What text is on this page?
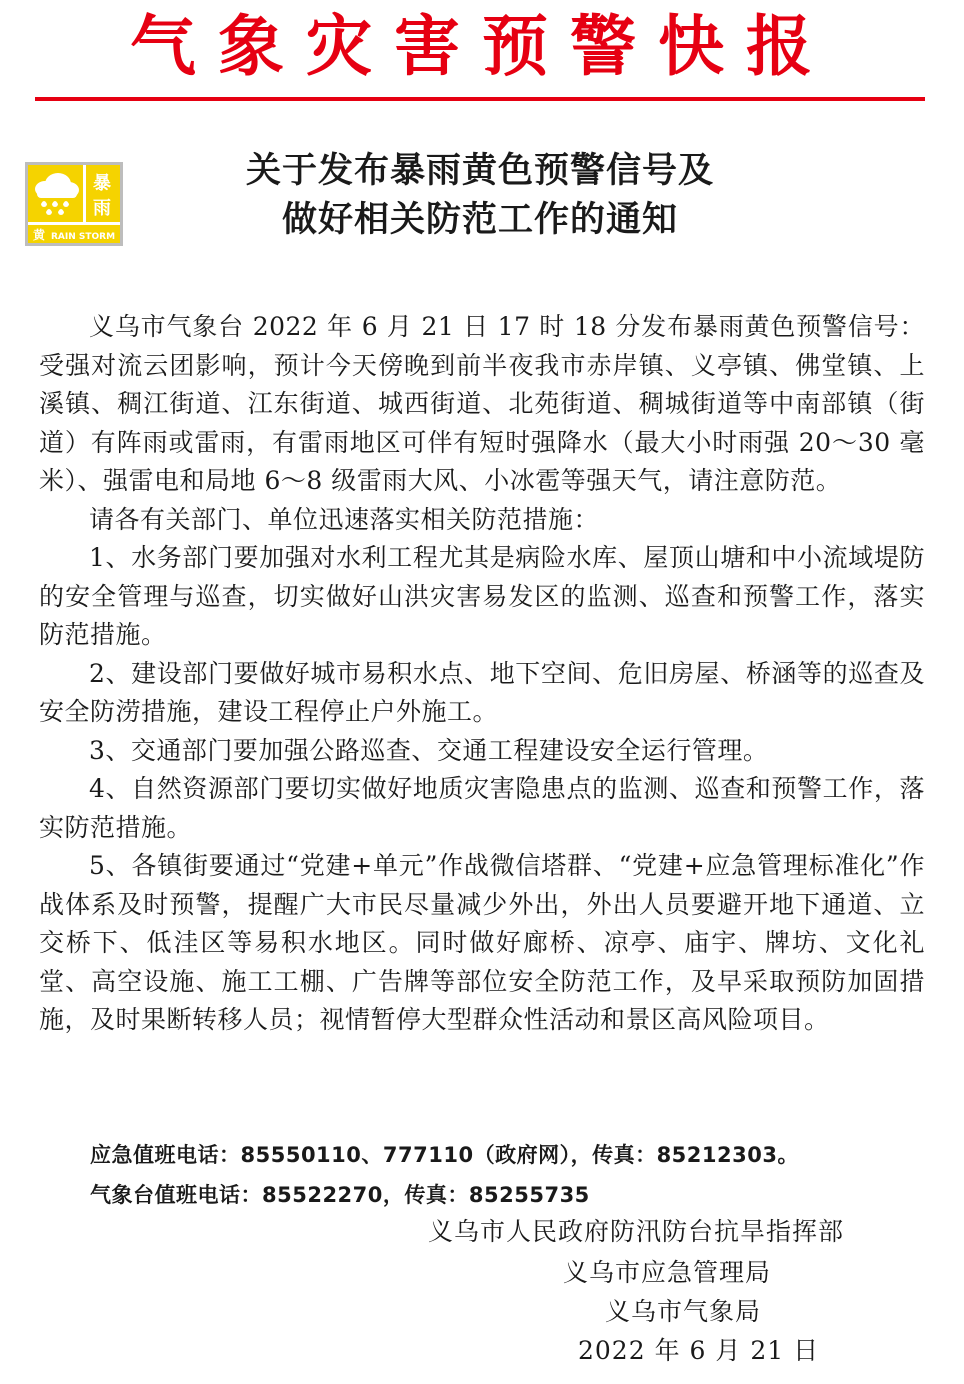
气象灾害预警快报
暴
雨
黄 RAIN STORM
关于发布暴雨黄色预警信号及
做好相关防范工作的通知

义乌市气象台 2022 年 6 月 21 日 17 时 18 分发布暴雨黄色预警信号：受强对流云团影响，预计今天傍晚到前半夜我市赤岸镇、义亭镇、佛堂镇、上溪镇、稠江街道、江东街道、城西街道、北苑街道、稠城街道等中南部镇（街道）有阵雨或雷雨，有雷雨地区可伴有短时强降水（最大小时雨强 20～30 毫米）、强雷电和局地 6～8 级雷雨大风、小冰雹等强天气，请注意防范。

请各有关部门、单位迅速落实相关防范措施：

1、水务部门要加强对水利工程尤其是病险水库、屋顶山塘和中小流域堤防的安全管理与巡查，切实做好山洪灾害易发区的监测、巡查和预警工作，落实防范措施。

2、建设部门要做好城市易积水点、地下空间、危旧房屋、桥涵等的巡查及安全防涝措施，建设工程停止户外施工。

3、交通部门要加强公路巡查、交通工程建设安全运行管理。

4、自然资源部门要切实做好地质灾害隐患点的监测、巡查和预警工作，落实防范措施。

5、各镇街要通过“党建+单元”作战微信塔群、“党建+应急管理标准化”作战体系及时预警，提醒广大市民尽量减少外出，外出人员要避开地下通道、立交桥下、低洼区等易积水地区。同时做好廊桥、凉亭、庙宇、牌坊、文化礼堂、高空设施、施工工棚、广告牌等部位安全防范工作，及早采取预防加固措施，及时果断转移人员；视情暂停大型群众性活动和景区高风险项目。

应急值班电话：85550110、777110（政府网），传真：85212303。
气象台值班电话：85522270，传真：85255735
义乌市人民政府防汛防台抗旱指挥部
义乌市应急管理局
义乌市气象局
2022 年 6 月 21 日
